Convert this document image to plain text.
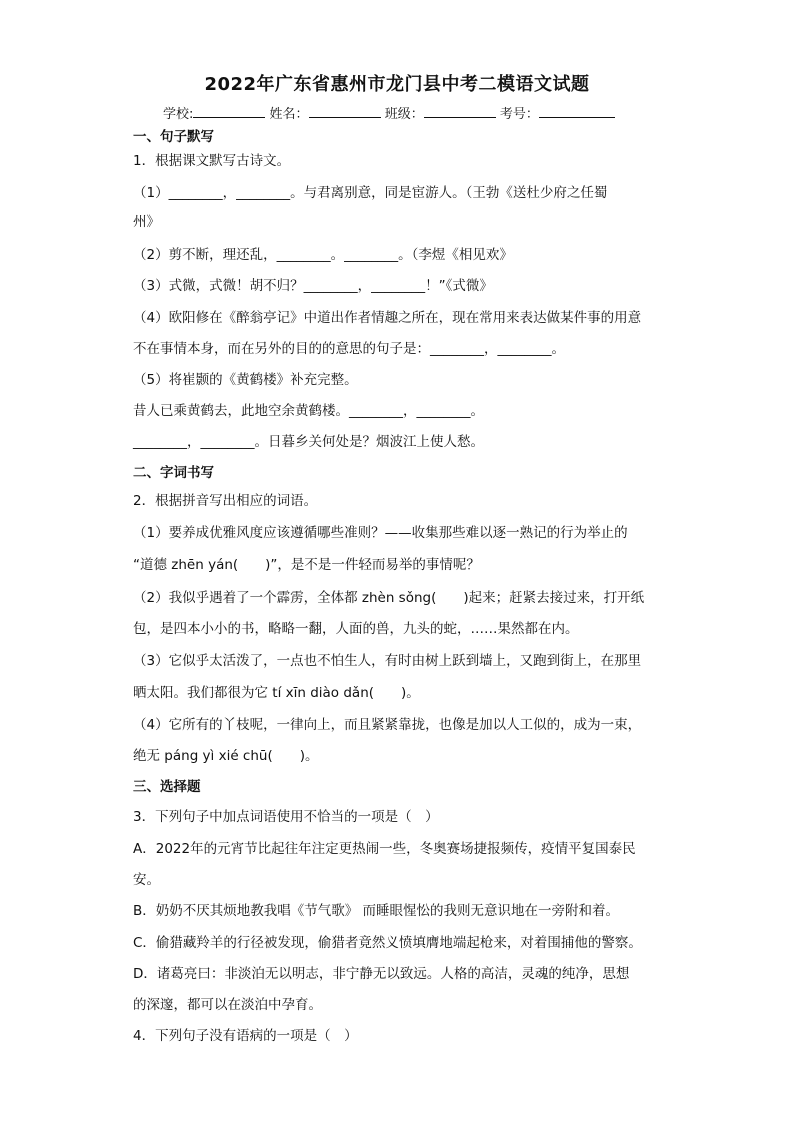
2022年广东省惠州市龙门县中考二模语文试题
学校:	姓名：	班级：	考号：
一、句子默写
1．根据课文默写古诗文。
（1）________，________。与君离别意，同是宦游人。（王勃《送杜少府之任蜀
州》
（2）剪不断，理还乱，________。________。（李煜《相见欢》
（3）式微，式微！胡不归？________，________！”《式微》
（4）欧阳修在《醉翁亭记》中道出作者情趣之所在，现在常用来表达做某件事的用意
不在事情本身，而在另外的目的的意思的句子是：________，________。
（5）将崔颢的《黄鹤楼》补充完整。
昔人已乘黄鹤去，此地空余黄鹤楼。________，________。
________，________。日暮乡关何处是？烟波江上使人愁。
二、字词书写
2．根据拼音写出相应的词语。
（1）要养成优雅风度应该遵循哪些准则？——收集那些难以逐一熟记的行为举止的
“道德 zhēn yán(　　)”，是不是一件轻而易举的事情呢？
（2）我似乎遇着了一个霹雳，全体都 zhèn sǒng(　　)起来；赶紧去接过来，打开纸
包，是四本小小的书，略略一翻，人面的兽，九头的蛇，……果然都在内。
（3）它似乎太活泼了，一点也不怕生人，有时由树上跃到墙上，又跑到街上，在那里
晒太阳。我们都很为它 tí xīn diào dǎn(　　)。
（4）它所有的丫枝呢，一律向上，而且紧紧靠拢，也像是加以人工似的，成为一束，
绝无 páng yì xié chū(　　)。
三、选择题
3．下列句子中加点词语使用不恰当的一项是（　）
A．2022年的元宵节比起往年注定更热闹一些，冬奥赛场捷报频传，疫情平复国泰民
安。
B．奶奶不厌其烦地教我唱《节气歌》 而睡眼惺忪的我则无意识地在一旁附和着。
C．偷猎藏羚羊的行径被发现，偷猎者竟然义愤填膺地端起枪来，对着围捕他的警察。
D．诸葛亮曰：非淡泊无以明志，非宁静无以致远。人格的高洁，灵魂的纯净，思想
的深邃，都可以在淡泊中孕育。
4．下列句子没有语病的一项是（　）
